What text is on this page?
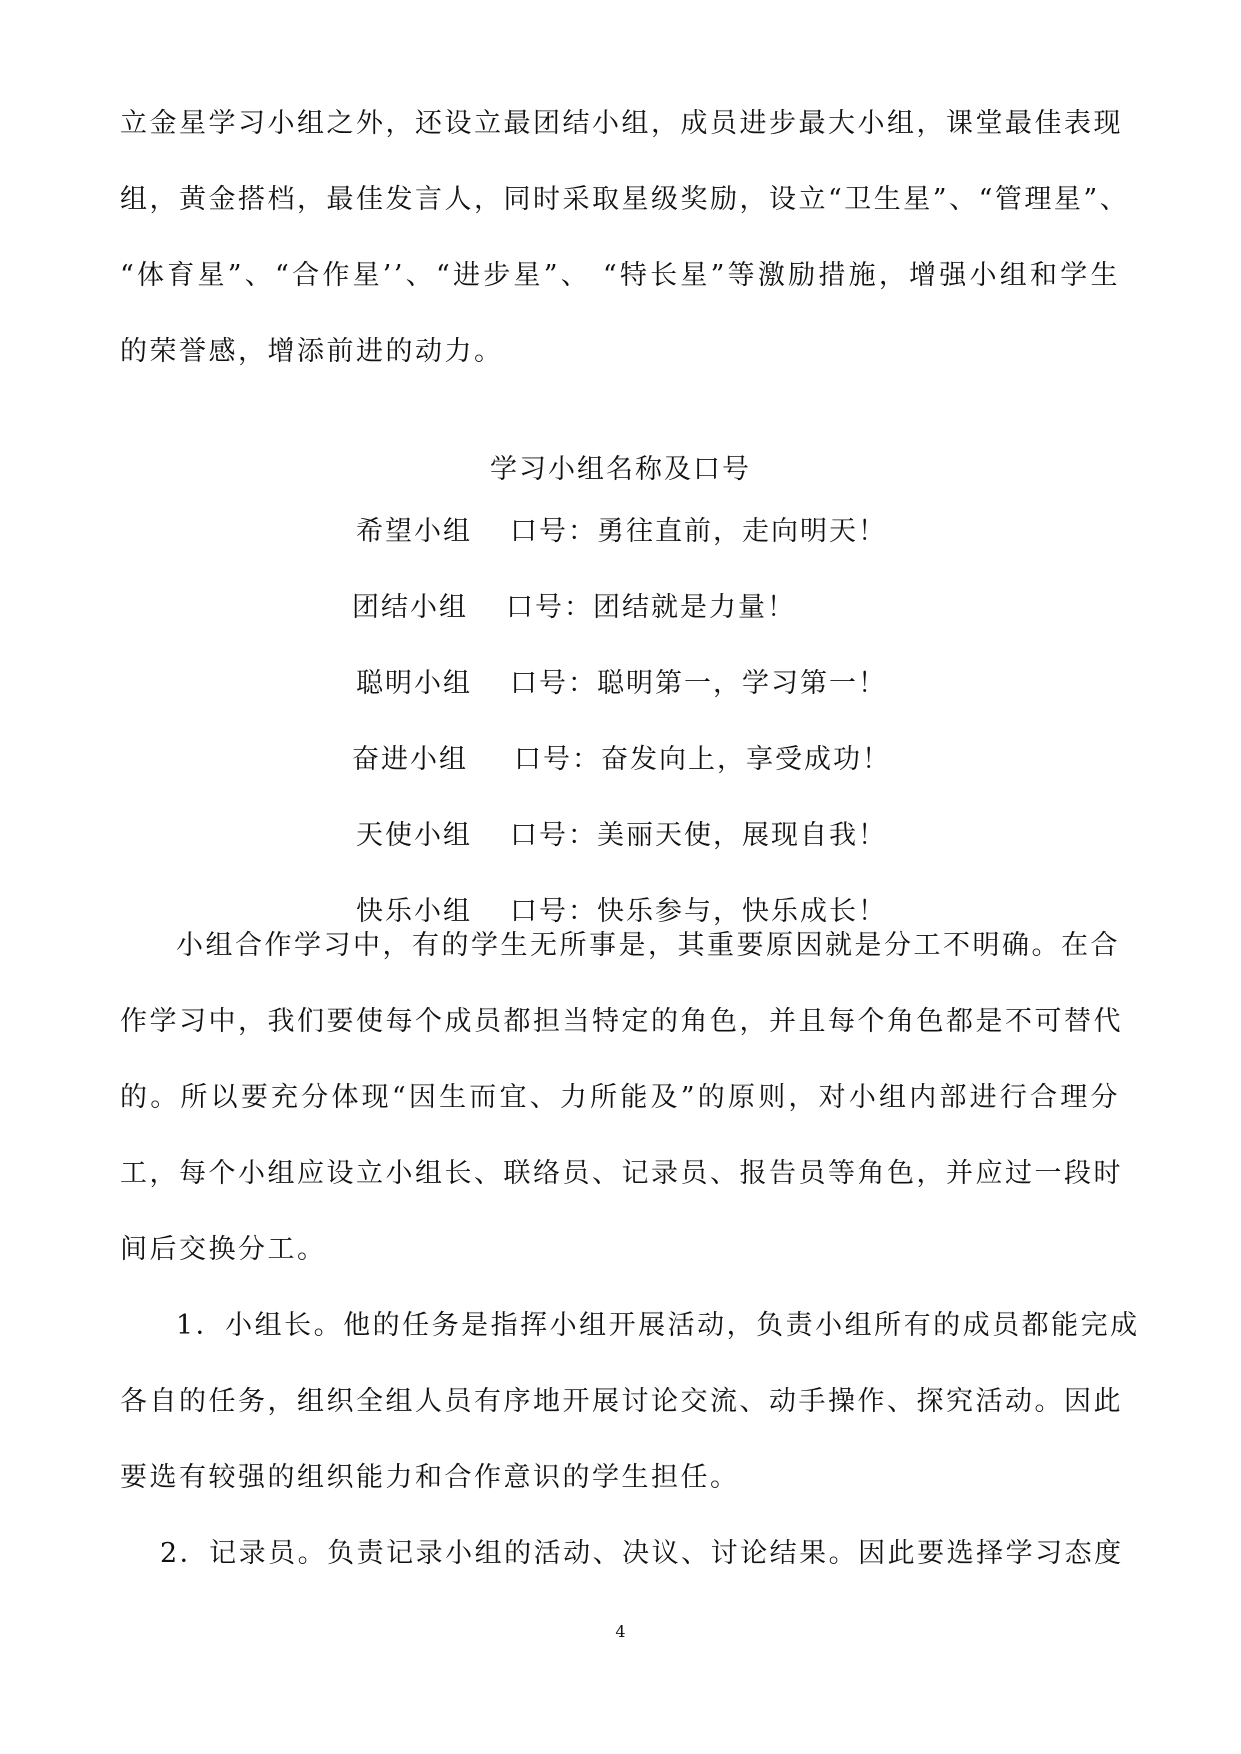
立金星学习小组之外，还设立最团结小组，成员进步最大小组，课堂最佳表现
组，黄金搭档，最佳发言人，同时采取星级奖励，设立“卫生星”、“管理星”、
“体育星”、“合作星’’、“进步星”、 “特长星”等激励措施，增强小组和学生
的荣誉感，增添前进的动力。
学习小组名称及口号
希望小组 口号：勇往直前，走向明天！
团结小组 口号：团结就是力量！
聪明小组 口号：聪明第一，学习第一！
奋进小组 口号：奋发向上，享受成功！
天使小组 口号：美丽天使，展现自我！
快乐小组 口号：快乐参与，快乐成长！
小组合作学习中，有的学生无所事是，其重要原因就是分工不明确。在合
作学习中，我们要使每个成员都担当特定的角色，并且每个角色都是不可替代
的。所以要充分体现“因生而宜、力所能及”的原则，对小组内部进行合理分
工，每个小组应设立小组长、联络员、记录员、报告员等角色，并应过一段时
间后交换分工。
1．小组长。他的任务是指挥小组开展活动，负责小组所有的成员都能完成
各自的任务，组织全组人员有序地开展讨论交流、动手操作、探究活动。因此
要选有较强的组织能力和合作意识的学生担任。
2．记录员。负责记录小组的活动、决议、讨论结果。因此要选择学习态度
4
